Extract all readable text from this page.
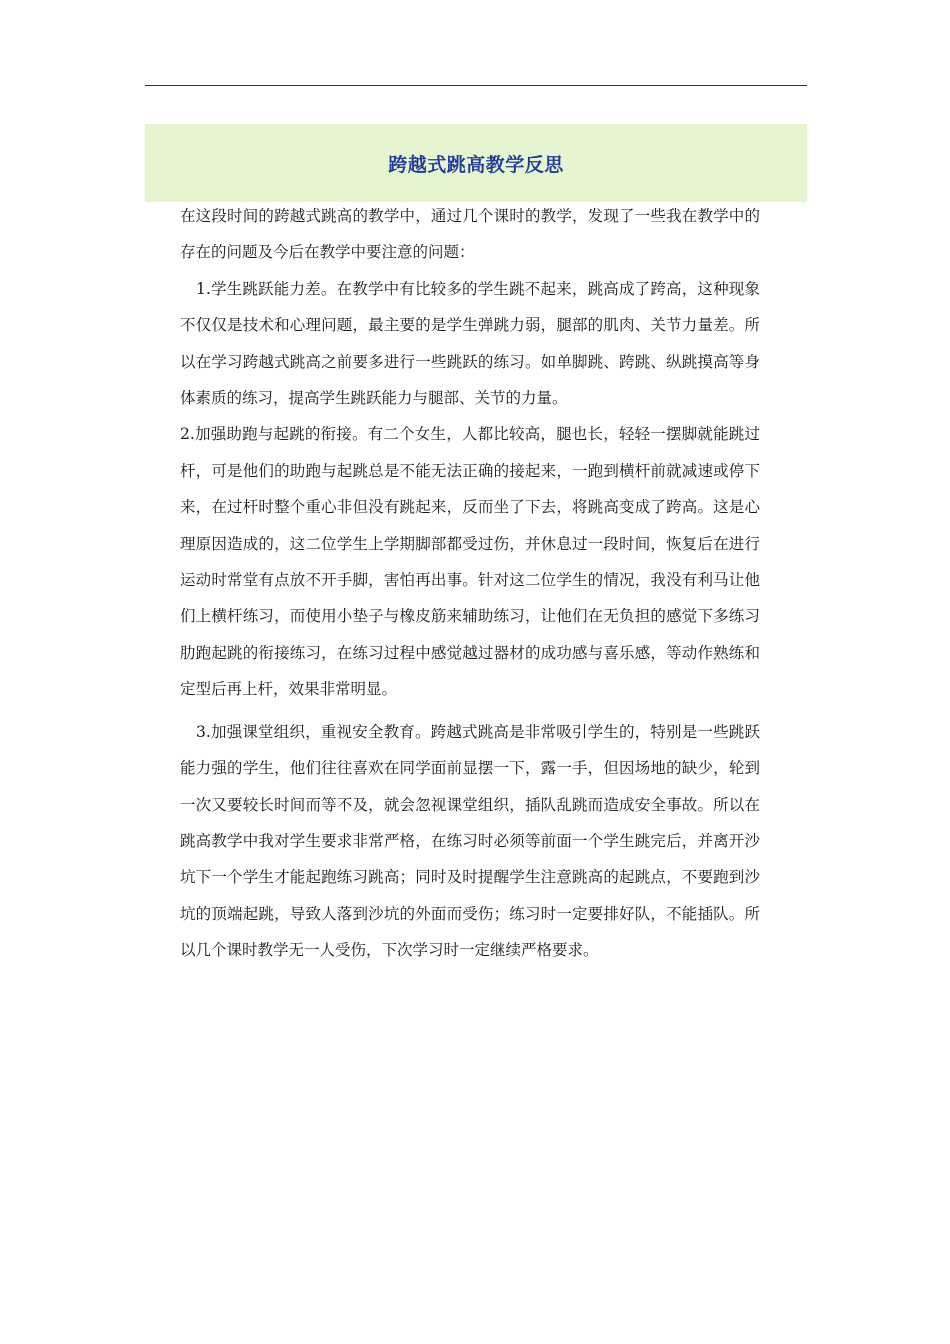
跨越式跳高教学反思

在这段时间的跨越式跳高的教学中，通过几个课时的教学，发现了一些我在教学中的存在的问题及今后在教学中要注意的问题：

1.学生跳跃能力差。在教学中有比较多的学生跳不起来，跳高成了跨高，这种现象不仅仅是技术和心理问题，最主要的是学生弹跳力弱，腿部的肌肉、关节力量差。所以在学习跨越式跳高之前要多进行一些跳跃的练习。如单脚跳、跨跳、纵跳摸高等身体素质的练习，提高学生跳跃能力与腿部、关节的力量。

2.加强助跑与起跳的衔接。有二个女生，人都比较高，腿也长，轻轻一摆脚就能跳过杆，可是他们的助跑与起跳总是不能无法正确的接起来，一跑到横杆前就减速或停下来，在过杆时整个重心非但没有跳起来，反而坐了下去，将跳高变成了跨高。这是心理原因造成的，这二位学生上学期脚部都受过伤，并休息过一段时间，恢复后在进行运动时常堂有点放不开手脚，害怕再出事。针对这二位学生的情况，我没有利马让他们上横杆练习，而使用小垫子与橡皮筋来辅助练习，让他们在无负担的感觉下多练习肋跑起跳的衔接练习，在练习过程中感觉越过器材的成功感与喜乐感，等动作熟练和定型后再上杆，效果非常明显。

3.加强课堂组织，重视安全教育。跨越式跳高是非常吸引学生的，特别是一些跳跃能力强的学生，他们往往喜欢在同学面前显摆一下，露一手，但因场地的缺少，轮到一次又要较长时间而等不及，就会忽视课堂组织，插队乱跳而造成安全事故。所以在跳高教学中我对学生要求非常严格，在练习时必须等前面一个学生跳完后，并离开沙坑下一个学生才能起跑练习跳高；同时及时提醒学生注意跳高的起跳点，不要跑到沙坑的顶端起跳，导致人落到沙坑的外面而受伤；练习时一定要排好队，不能插队。所以几个课时教学无一人受伤，下次学习时一定继续严格要求。
